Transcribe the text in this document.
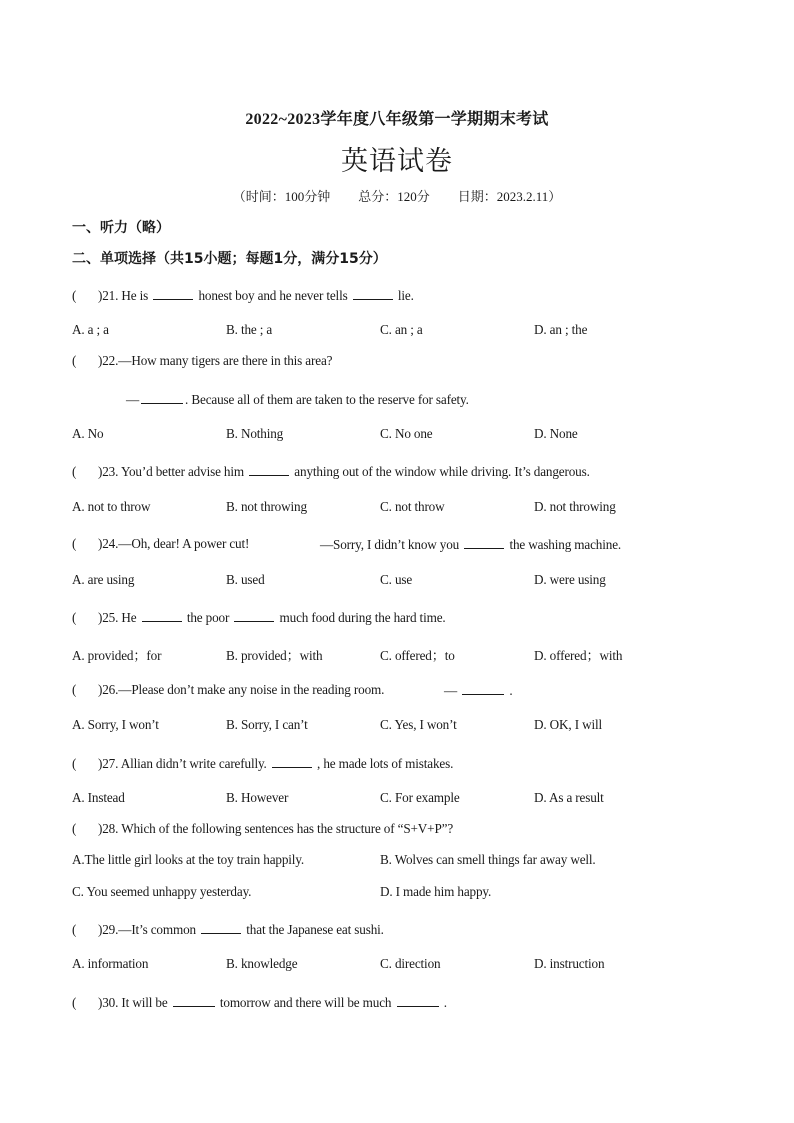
2022~2023学年度八年级第一学期期末考试
英语试卷
（时间：100分钟 总分：120分 日期：2023.2.11）
一、听力（略）
二、单项选择（共15小题；每题1分，满分15分）
( )21. He is	honest boy and he never tells	lie.
A. a ; a	B. the ; a	C. an ; a	D. an ; the
( )22.—How many tigers are there in this area?
—	. Because all of them are taken to the reserve for safety.
A. No	B. Nothing	C. No one	D. None
( )23. You’d better advise him	anything out of the window while driving. It’s dangerous.
A. not to throw	B. not throwing	C. not throw	D. not throwing
( )24.—Oh, dear! A power cut!	—Sorry, I didn’t know you	the washing machine.
A. are using	B. used	C. use	D. were using
( )25. He	the poor	much food during the hard time.
A. provided；for	B. provided；with	C. offered；to	D. offered；with
( )26.—Please don’t make any noise in the reading room.	—	.
A. Sorry, I won’t	B. Sorry, I can’t	C. Yes, I won’t	D. OK, I will
( )27. Allian didn’t write carefully.	, he made lots of mistakes.
A. Instead	B. However	C. For example	D. As a result
( )28. Which of the following sentences has the structure of “S+V+P”?
A.The little girl looks at the toy train happily.	B. Wolves can smell things far away well.
C. You seemed unhappy yesterday.	D. I made him happy.
( )29.—It’s common	that the Japanese eat sushi.
A. information	B. knowledge	C. direction	D. instruction
( )30. It will be	tomorrow and there will be much	.
